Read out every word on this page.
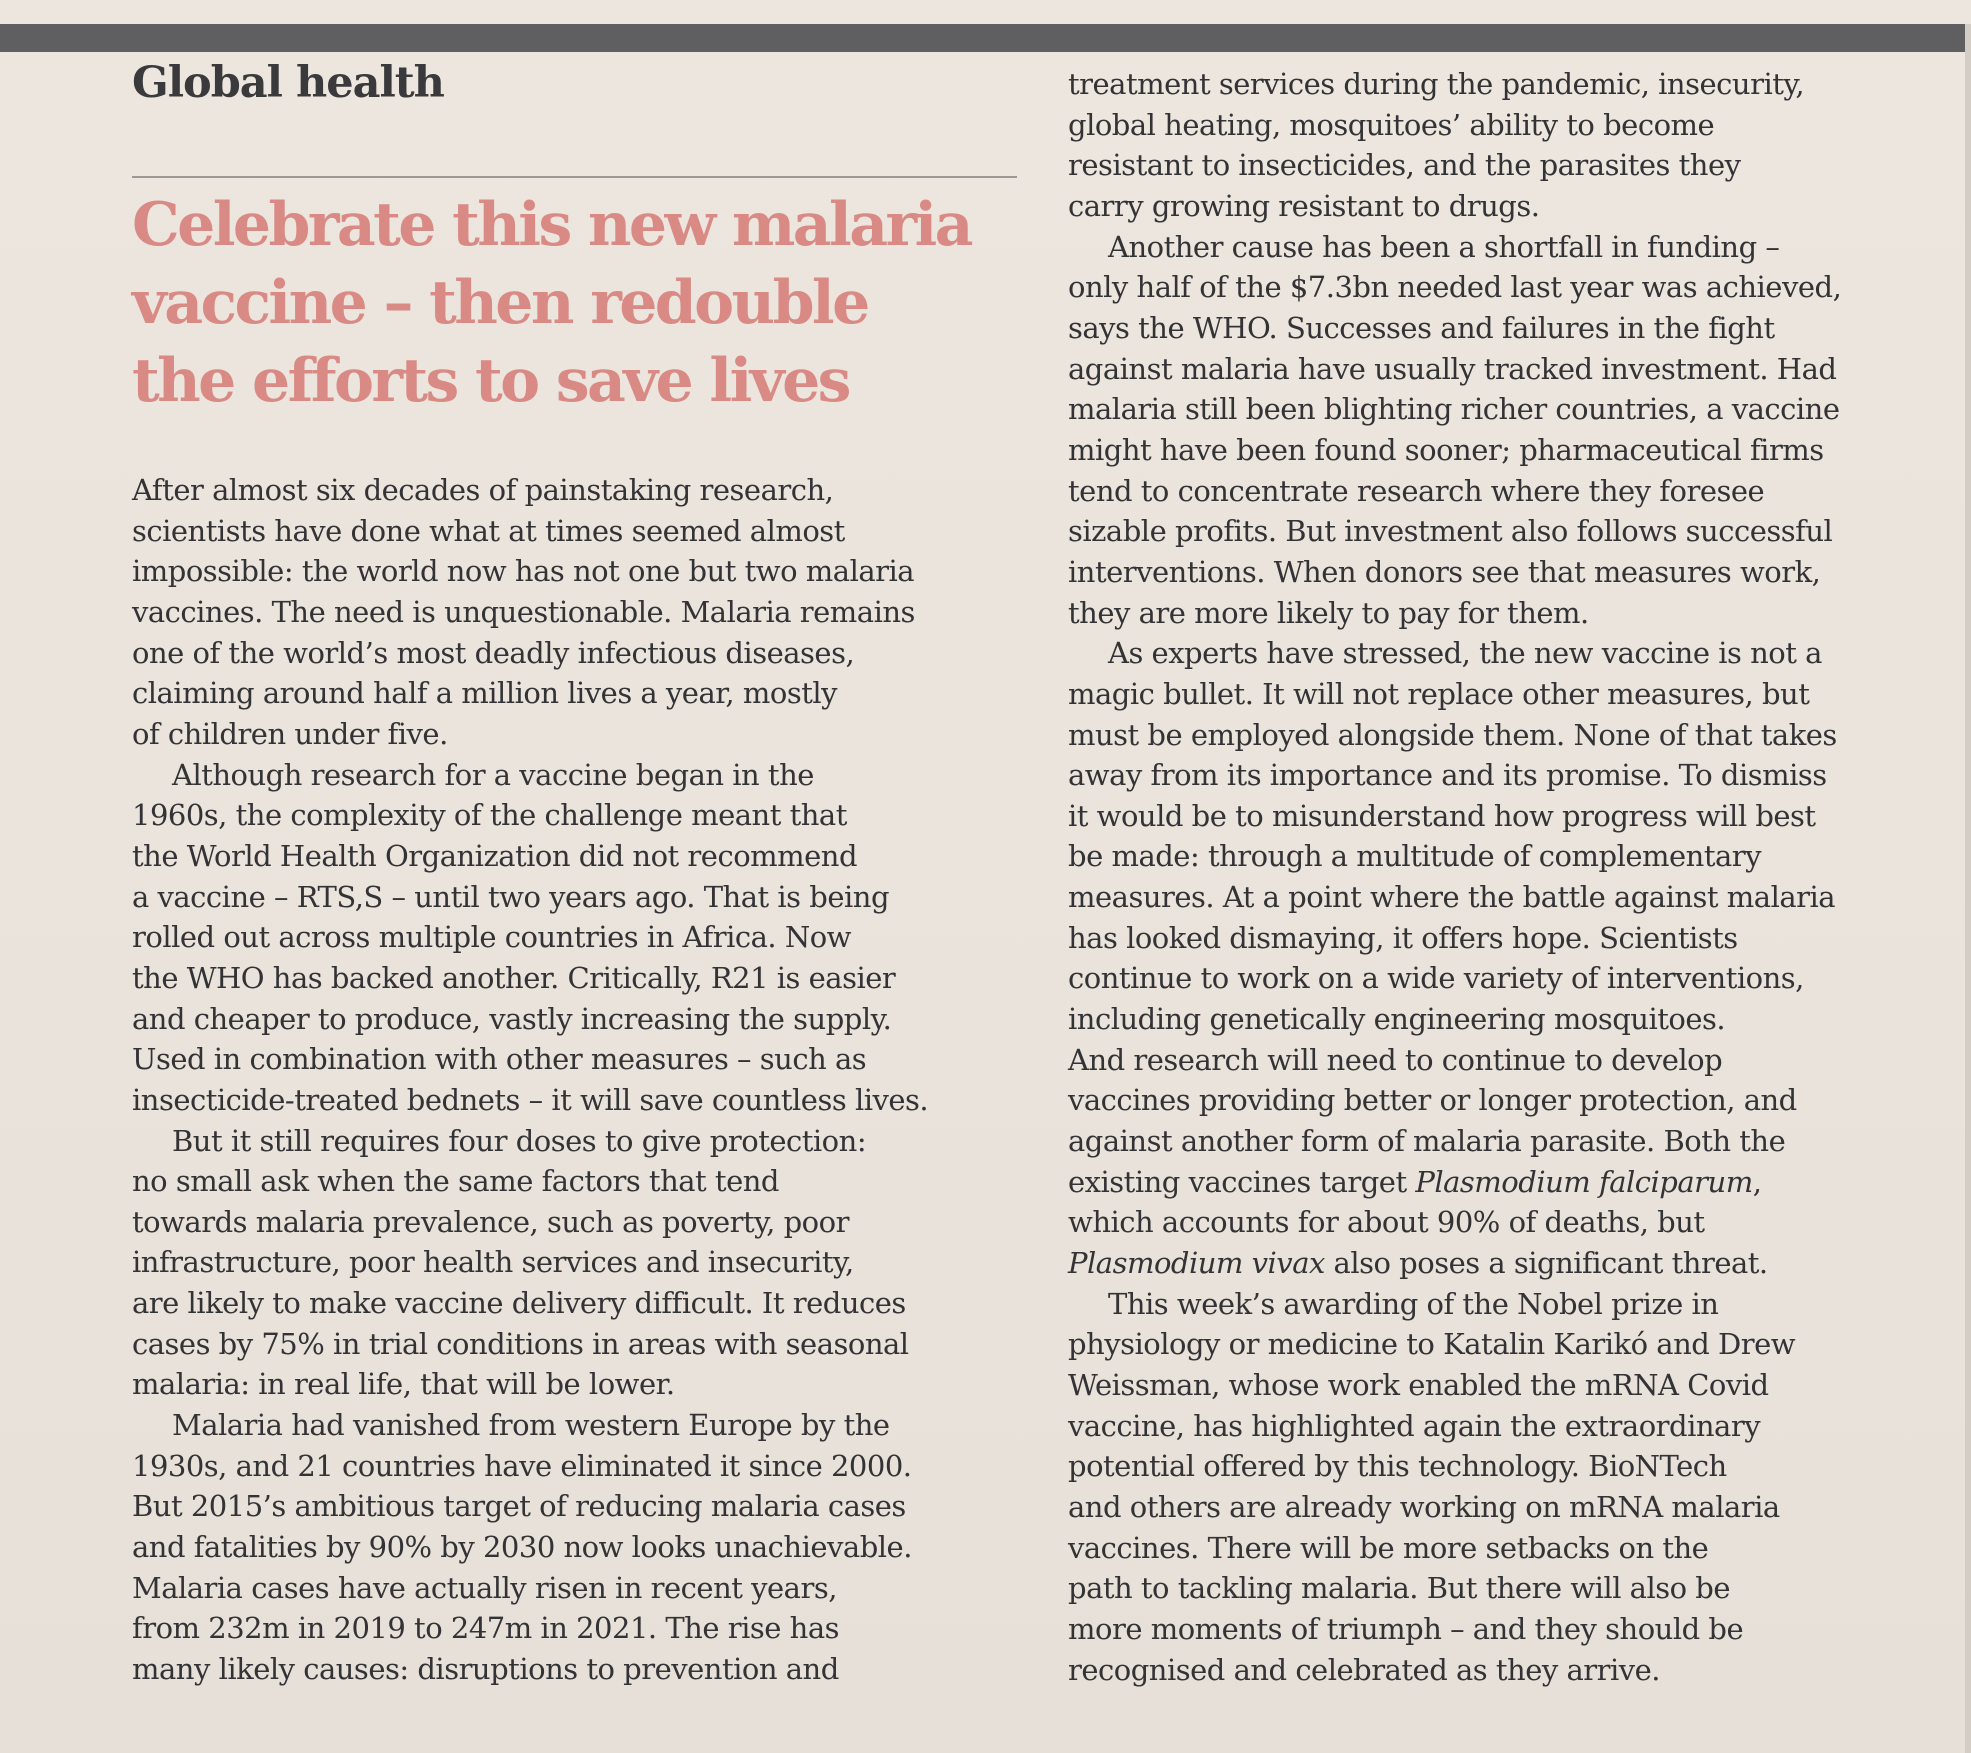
Global health
Celebrate this new malaria
vaccine – then redouble
the efforts to save lives
After almost six decades of painstaking research,
scientists have done what at times seemed almost
impossible: the world now has not one but two malaria
vaccines. The need is unquestionable. Malaria remains
one of the world’s most deadly infectious diseases,
claiming around half a million lives a year, mostly
of children under five.
Although research for a vaccine began in the
1960s, the complexity of the challenge meant that
the World Health Organization did not recommend
a vaccine – RTS,S – until two years ago. That is being
rolled out across multiple countries in Africa. Now
the WHO has backed another. Critically, R21 is easier
and cheaper to produce, vastly increasing the supply.
Used in combination with other measures – such as
insecticide-treated bednets – it will save countless lives.
But it still requires four doses to give protection:
no small ask when the same factors that tend
towards malaria prevalence, such as poverty, poor
infrastructure, poor health services and insecurity,
are likely to make vaccine delivery difficult. It reduces
cases by 75% in trial conditions in areas with seasonal
malaria: in real life, that will be lower.
Malaria had vanished from western Europe by the
1930s, and 21 countries have eliminated it since 2000.
But 2015’s ambitious target of reducing malaria cases
and fatalities by 90% by 2030 now looks unachievable.
Malaria cases have actually risen in recent years,
from 232m in 2019 to 247m in 2021. The rise has
many likely causes: disruptions to prevention and
treatment services during the pandemic, insecurity,
global heating, mosquitoes’ ability to become
resistant to insecticides, and the parasites they
carry growing resistant to drugs.
Another cause has been a shortfall in funding –
only half of the $7.3bn needed last year was achieved,
says the WHO. Successes and failures in the fight
against malaria have usually tracked investment. Had
malaria still been blighting richer countries, a vaccine
might have been found sooner; pharmaceutical firms
tend to concentrate research where they foresee
sizable profits. But investment also follows successful
interventions. When donors see that measures work,
they are more likely to pay for them.
As experts have stressed, the new vaccine is not a
magic bullet. It will not replace other measures, but
must be employed alongside them. None of that takes
away from its importance and its promise. To dismiss
it would be to misunderstand how progress will best
be made: through a multitude of complementary
measures. At a point where the battle against malaria
has looked dismaying, it offers hope. Scientists
continue to work on a wide variety of interventions,
including genetically engineering mosquitoes.
And research will need to continue to develop
vaccines providing better or longer protection, and
against another form of malaria parasite. Both the
existing vaccines target Plasmodium falciparum,
which accounts for about 90% of deaths, but
Plasmodium vivax also poses a significant threat.
This week’s awarding of the Nobel prize in
physiology or medicine to Katalin Karikó and Drew
Weissman, whose work enabled the mRNA Covid
vaccine, has highlighted again the extraordinary
potential offered by this technology. BioNTech
and others are already working on mRNA malaria
vaccines. There will be more setbacks on the
path to tackling malaria. But there will also be
more moments of triumph – and they should be
recognised and celebrated as they arrive.
